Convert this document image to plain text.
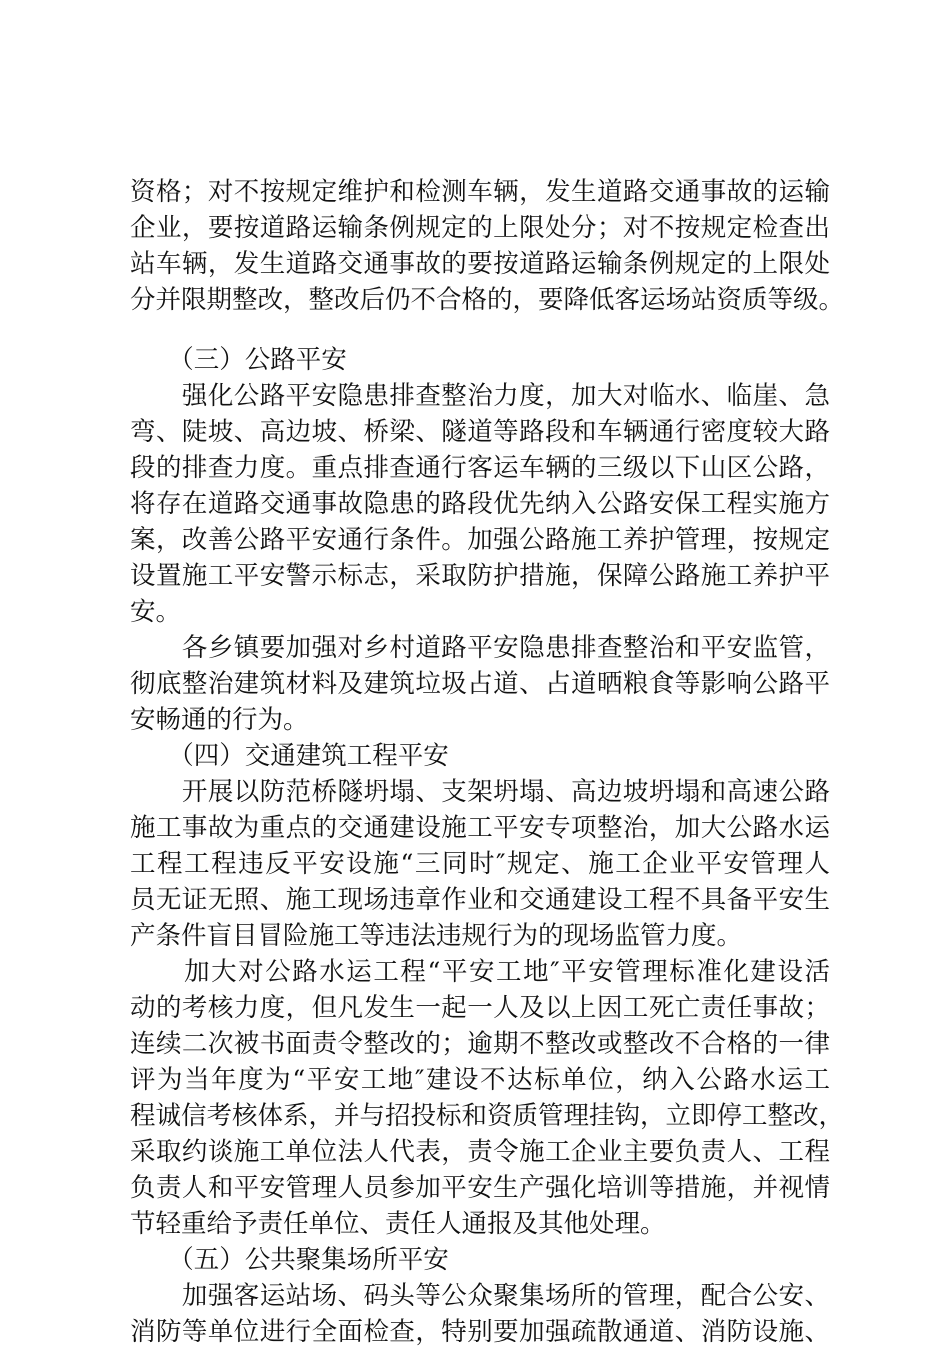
资格；对不按规定维护和检测车辆，发生道路交通事故的运输
企业，要按道路运输条例规定的上限处分；对不按规定检查出
站车辆，发生道路交通事故的要按道路运输条例规定的上限处
分并限期整改，整改后仍不合格的，要降低客运场站资质等级。
　　（三）公路平安
　　强化公路平安隐患排查整治力度，加大对临水、临崖、急
弯、陡坡、高边坡、桥梁、隧道等路段和车辆通行密度较大路
段的排查力度。重点排查通行客运车辆的三级以下山区公路，
将存在道路交通事故隐患的路段优先纳入公路安保工程实施方
案，改善公路平安通行条件。加强公路施工养护管理，按规定
设置施工平安警示标志，采取防护措施，保障公路施工养护平
安。
　　各乡镇要加强对乡村道路平安隐患排查整治和平安监管，
彻底整治建筑材料及建筑垃圾占道、占道晒粮食等影响公路平
安畅通的行为。
　　（四）交通建筑工程平安
　　开展以防范桥隧坍塌、支架坍塌、高边坡坍塌和高速公路
施工事故为重点的交通建设施工平安专项整治，加大公路水运
工程工程违反平安设施“三同时″规定、施工企业平安管理人
员无证无照、施工现场违章作业和交通建设工程不具备平安生
产条件盲目冒险施工等违法违规行为的现场监管力度。
　　加大对公路水运工程“平安工地″平安管理标准化建设活
动的考核力度，但凡发生一起一人及以上因工死亡责任事故；
连续二次被书面责令整改的；逾期不整改或整改不合格的一律
评为当年度为“平安工地″建设不达标单位，纳入公路水运工
程诚信考核体系，并与招投标和资质管理挂钩，立即停工整改，
采取约谈施工单位法人代表，责令施工企业主要负责人、工程
负责人和平安管理人员参加平安生产强化培训等措施，并视情
节轻重给予责任单位、责任人通报及其他处理。
　　（五）公共聚集场所平安
　　加强客运站场、码头等公众聚集场所的管理，配合公安、
消防等单位进行全面检查，特别要加强疏散通道、消防设施、
